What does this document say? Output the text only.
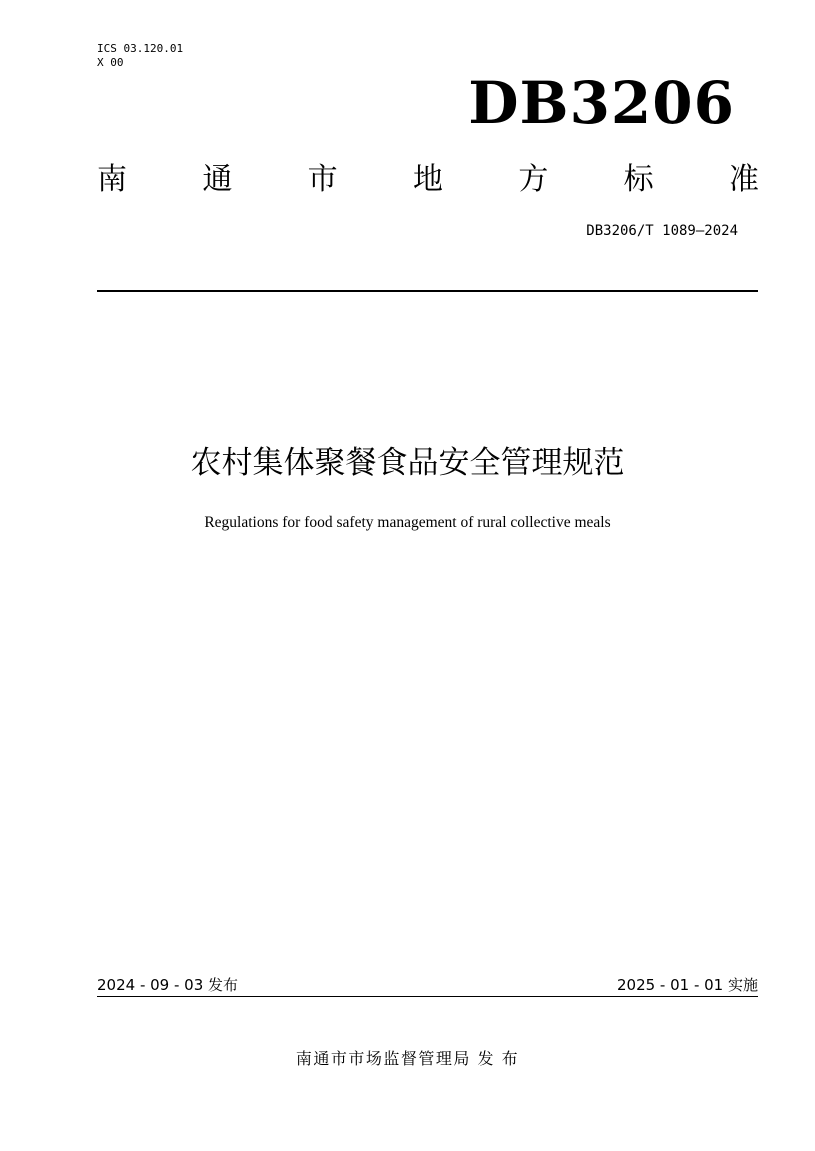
ICS 03.120.01
X 00
DB3206
南	通	市	地	方	标	准
DB3206/T 1089—2024
农村集体聚餐食品安全管理规范
Regulations for food safety management of rural collective meals
2024 - 09 - 03 发布	2025 - 01 - 01 实施
南通市市场监督管理局 发 布
